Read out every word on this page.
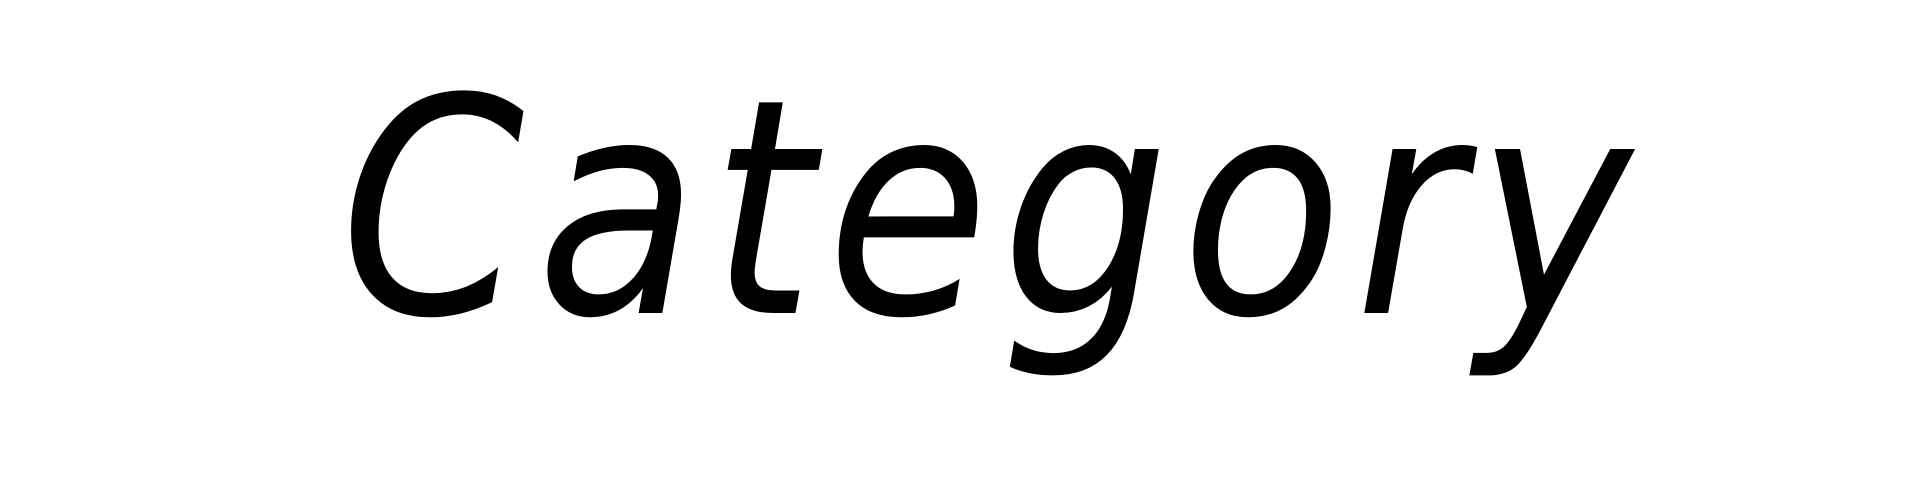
Category
